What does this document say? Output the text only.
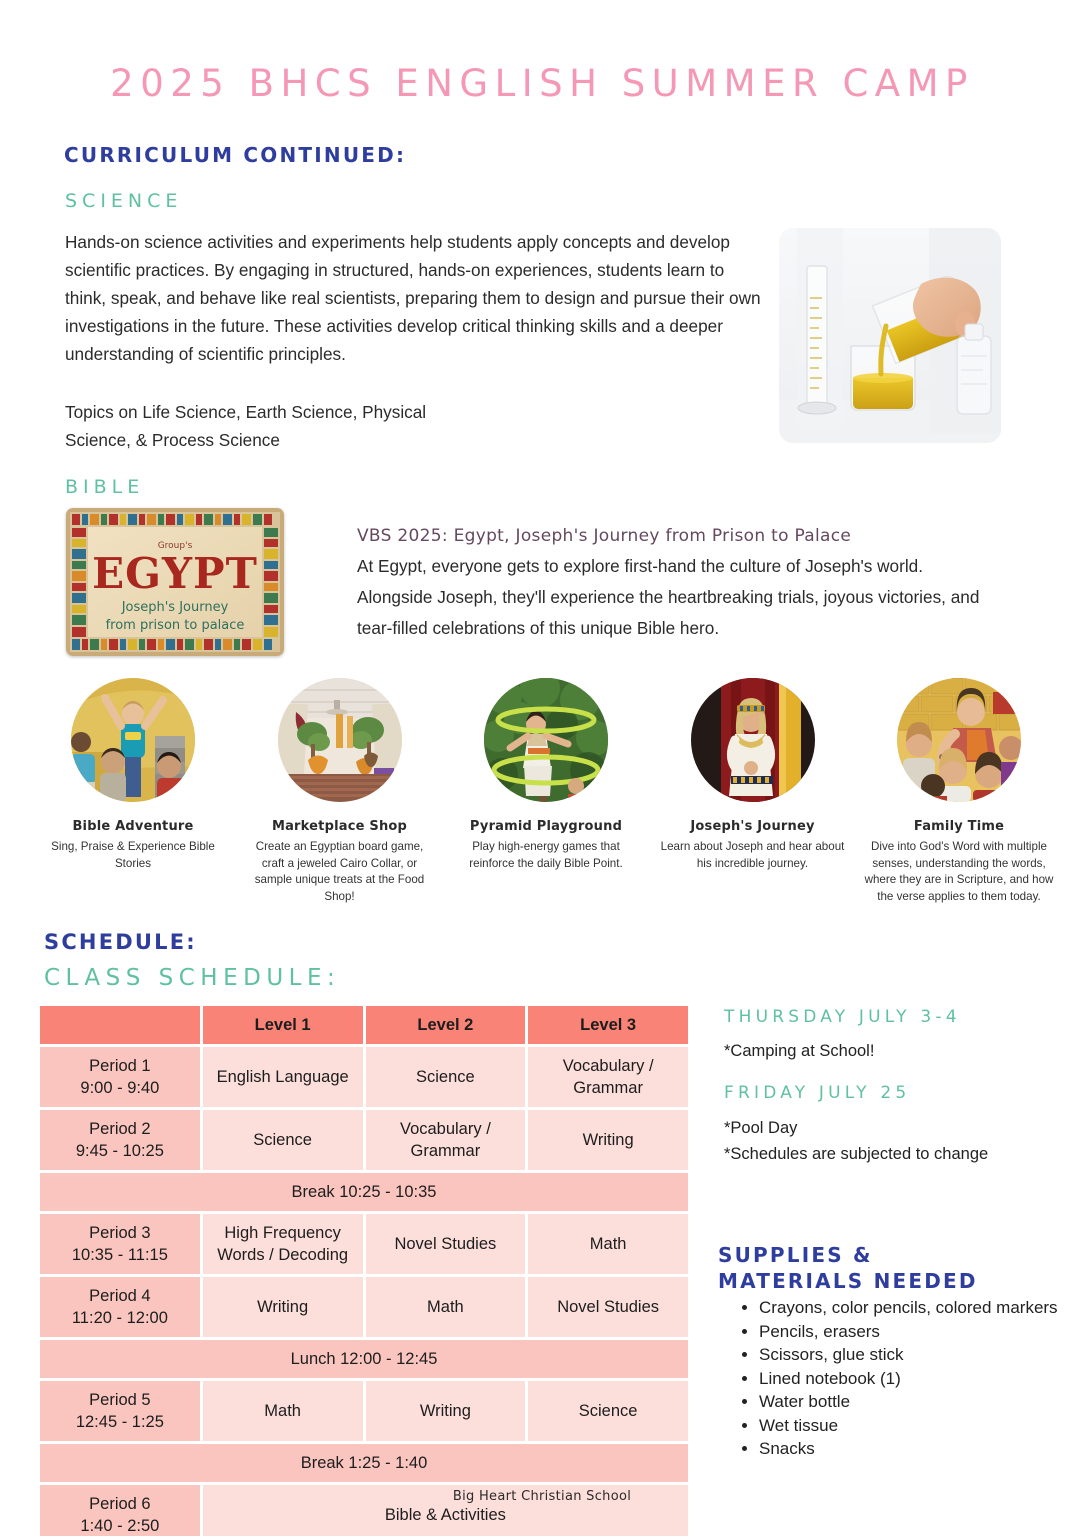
2025 BHCS ENGLISH SUMMER CAMP
CURRICULUM CONTINUED:
SCIENCE
Hands-on science activities and experiments help students apply concepts and develop scientific practices. By engaging in structured, hands-on experiences, students learn to think, speak, and behave like real scientists, preparing them to design and pursue their own investigations in the future. These activities develop critical thinking skills and a deeper understanding of scientific principles.
Topics on Life Science, Earth Science, Physical Science, & Process Science
BIBLE
Group's
EGYPT
Joseph's Journey
from prison to palace
VBS 2025: Egypt, Joseph's Journey from Prison to Palace
At Egypt, everyone gets to explore first-hand the culture of Joseph's world. Alongside Joseph, they'll experience the heartbreaking trials, joyous victories, and tear-filled celebrations of this unique Bible hero.
Bible Adventure
Sing, Praise & Experience Bible Stories
Marketplace Shop
Create an Egyptian board game, craft a jeweled Cairo Collar, or sample unique treats at the Food Shop!
Pyramid Playground
Play high-energy games that reinforce the daily Bible Point.
Joseph's Journey
Learn about Joseph and hear about his incredible journey.
Family Time
Dive into God's Word with multiple senses, understanding the words, where they are in Scripture, and how the verse applies to them today.
SCHEDULE:
CLASS SCHEDULE:
	Level 1	Level 2	Level 3
Period 1
9:00 - 9:40	English Language	Science	Vocabulary / Grammar
Period 2
9:45 - 10:25	Science	Vocabulary / Grammar	Writing
Break 10:25 - 10:35			
Period 3
10:35 - 11:15	High Frequency Words / Decoding	Novel Studies	Math
Period 4
11:20 - 12:00	Writing	Math	Novel Studies
Lunch 12:00 - 12:45			
Period 5
12:45 - 1:25	Math	Writing	Science
Break 1:25 - 1:40			
Period 6
1:40 - 2:50	Bible & Activities		
THURSDAY JULY 3-4
*Camping at School!
FRIDAY JULY 25
*Pool Day
*Schedules are subjected to change
SUPPLIES & MATERIALS NEEDED
• Crayons, color pencils, colored markers
• Pencils, erasers
• Scissors, glue stick
• Lined notebook (1)
• Water bottle
• Wet tissue
• Snacks
Big Heart Christian School
